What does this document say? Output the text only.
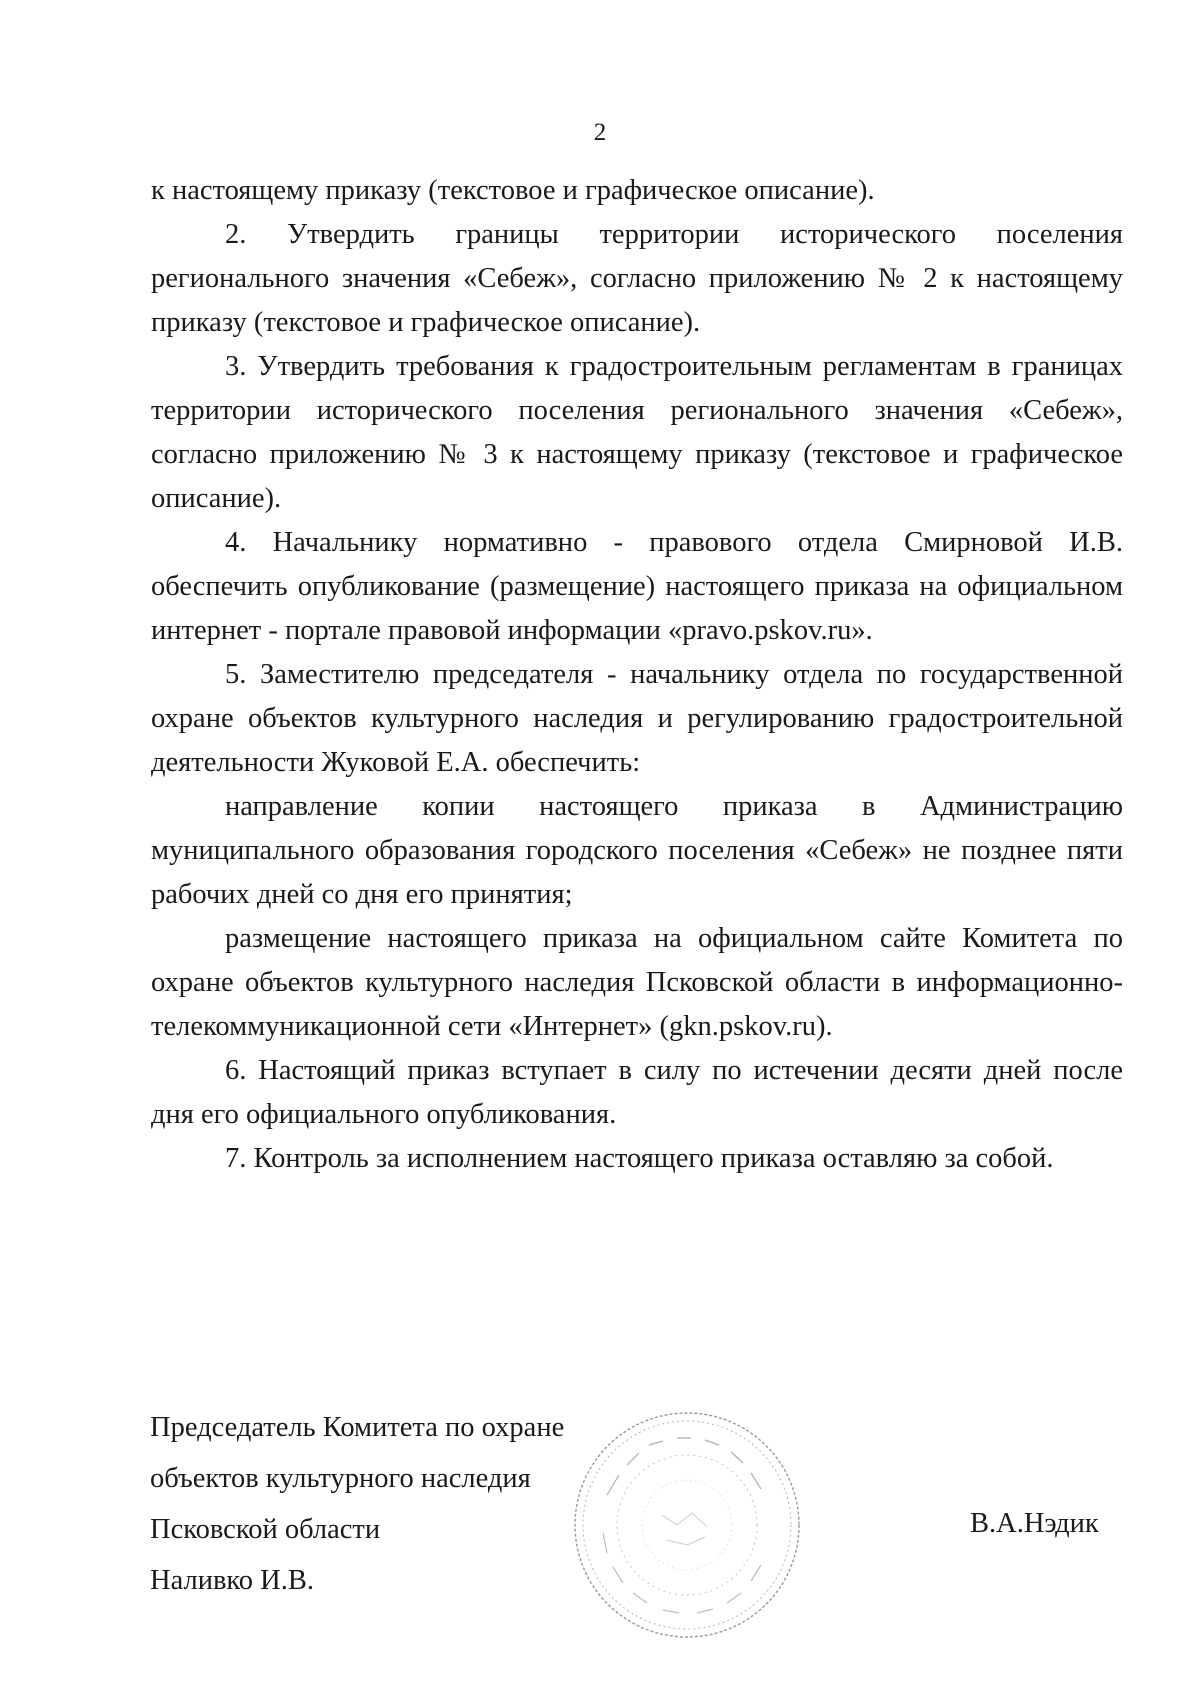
2

к настоящему приказу (текстовое и графическое описание).

2. Утвердить границы территории исторического поселения регионального значения «Себеж», согласно приложению № 2 к настоящему приказу (текстовое и графическое описание).

3. Утвердить требования к градостроительным регламентам в границах территории исторического поселения регионального значения «Себеж», согласно приложению № 3 к настоящему приказу (текстовое и графическое описание).

4. Начальнику нормативно - правового отдела Смирновой И.В. обеспечить опубликование (размещение) настоящего приказа на официальном интернет - портале правовой информации «pravo.pskov.ru».

5. Заместителю председателя - начальнику отдела по государственной охране объектов культурного наследия и регулированию градостроительной деятельности Жуковой Е.А. обеспечить:

направление копии настоящего приказа в Администрацию муниципального образования городского поселения «Себеж» не позднее пяти рабочих дней со дня его принятия;

размещение настоящего приказа на официальном сайте Комитета по охране объектов культурного наследия Псковской области в информационно-телекоммуникационной сети «Интернет» (gkn.pskov.ru).

6. Настоящий приказ вступает в силу по истечении десяти дней после дня его официального опубликования.

7. Контроль за исполнением настоящего приказа оставляю за собой.

Председатель Комитета по охране
объектов культурного наследия
Псковской области
Наливко И.В.
В.А.Нэдик
